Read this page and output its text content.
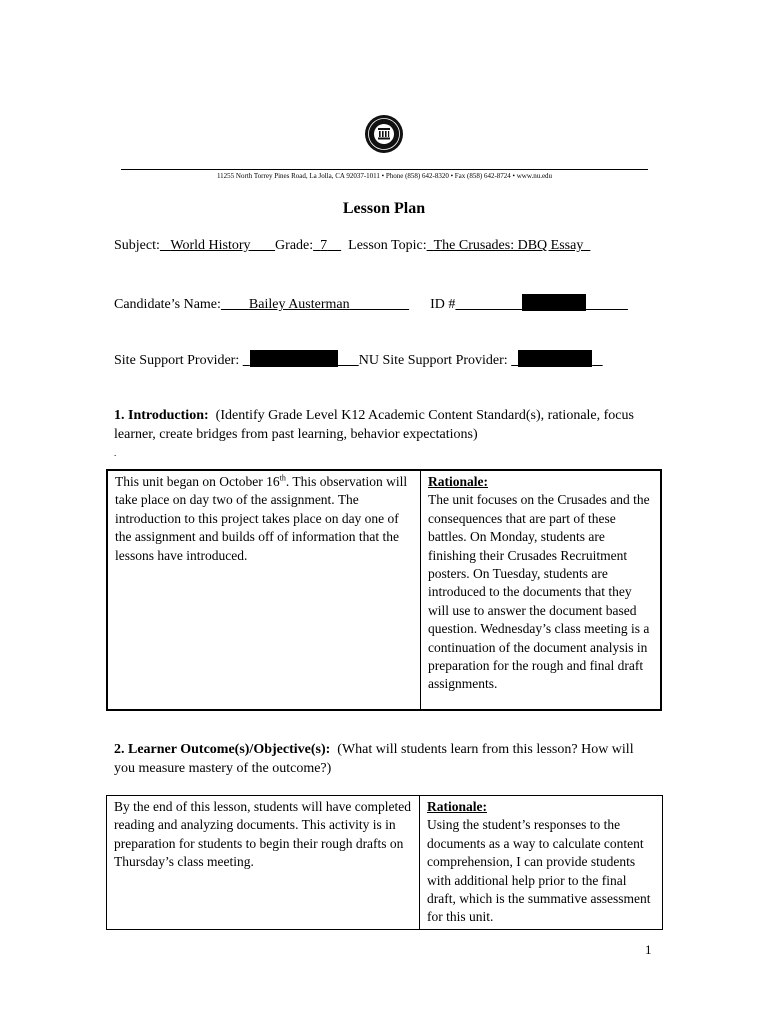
11255 North Torrey Pines Road, La Jolla, CA 92037-1011 • Phone (858) 642-8320 • Fax (858) 642-8724 • www.nu.edu
Lesson Plan
Subject: World History Grade: 7 Lesson Topic: The Crusades: DBQ Essay
Candidate’s Name: Bailey Austerman	ID #
Site Support Provider:	NU Site Support Provider:
1. Introduction: (Identify Grade Level K12 Academic Content Standard(s), rationale, focus learner, create bridges from past learning, behavior expectations)
.
This unit began on October 16th. This observation will take place on day two of the assignment. The introduction to this project takes place on day one of the assignment and builds off of information that the lessons have introduced.	
Rationale:
The unit focuses on the Crusades and the consequences that are part of these battles. On Monday, students are finishing their Crusades Recruitment posters. On Tuesday, students are introduced to the documents that they will use to answer the document based question. Wednesday’s class meeting is a continuation of the document analysis in preparation for the rough and final draft assignments.
2. Learner Outcome(s)/Objective(s): (What will students learn from this lesson? How will you measure mastery of the outcome?)
By the end of this lesson, students will have completed reading and analyzing documents. This activity is in preparation for students to begin their rough drafts on Thursday’s class meeting.	
Rationale:
Using the student’s responses to the documents as a way to calculate content comprehension, I can provide students with additional help prior to the final draft, which is the summative assessment for this unit.
1
